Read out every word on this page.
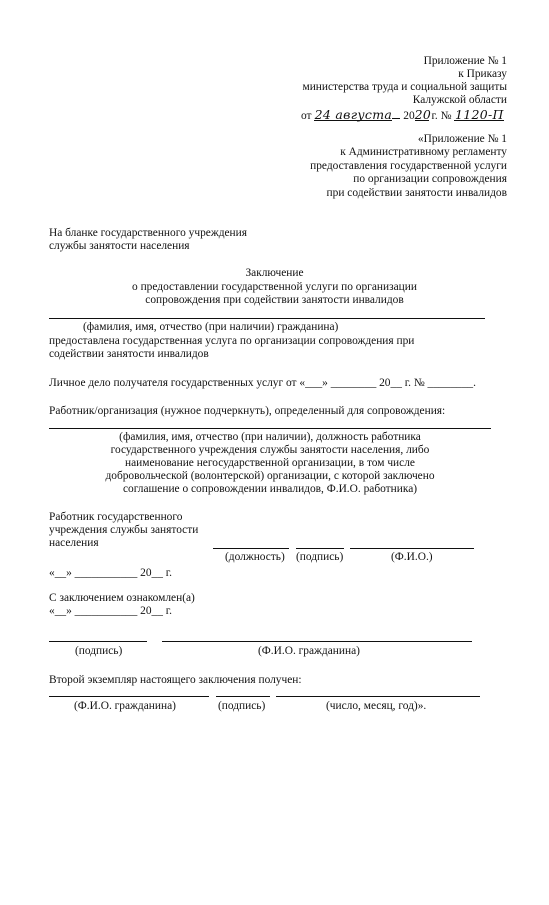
Приложение № 1
к Приказу
министерства труда и социальной защиты
Калужской области
от 24 августа 2020 г. № 1120-П
«Приложение № 1
к Административному регламенту
предоставления государственной услуги
по организации сопровождения
при содействии занятости инвалидов
На бланке государственного учреждения
службы занятости населения
Заключение
о предоставлении государственной услуги по организации
сопровождения при содействии занятости инвалидов
(фамилия, имя, отчество (при наличии) гражданина)
предоставлена государственная услуга по организации сопровождения при
содействии занятости инвалидов
Личное дело получателя государственных услуг от «___» ________ 20__ г. № ________.
Работник/организация (нужное подчеркнуть), определенный для сопровождения:
(фамилия, имя, отчество (при наличии), должность работника
государственного учреждения службы занятости населения, либо
наименование негосударственной организации, в том числе
добровольческой (волонтерской) организации, с которой заключено
соглашение о сопровождении инвалидов, Ф.И.О. работника)
Работник государственного
учреждения службы занятости
населения
(должность) (подпись)	(Ф.И.О.)
«__» ___________ 20__ г.
С заключением ознакомлен(а)
«__» ___________ 20__ г.
(подпись)	(Ф.И.О. гражданина)
Второй экземпляр настоящего заключения получен:
(Ф.И.О. гражданина)	(подпись)	(число, месяц, год)».
